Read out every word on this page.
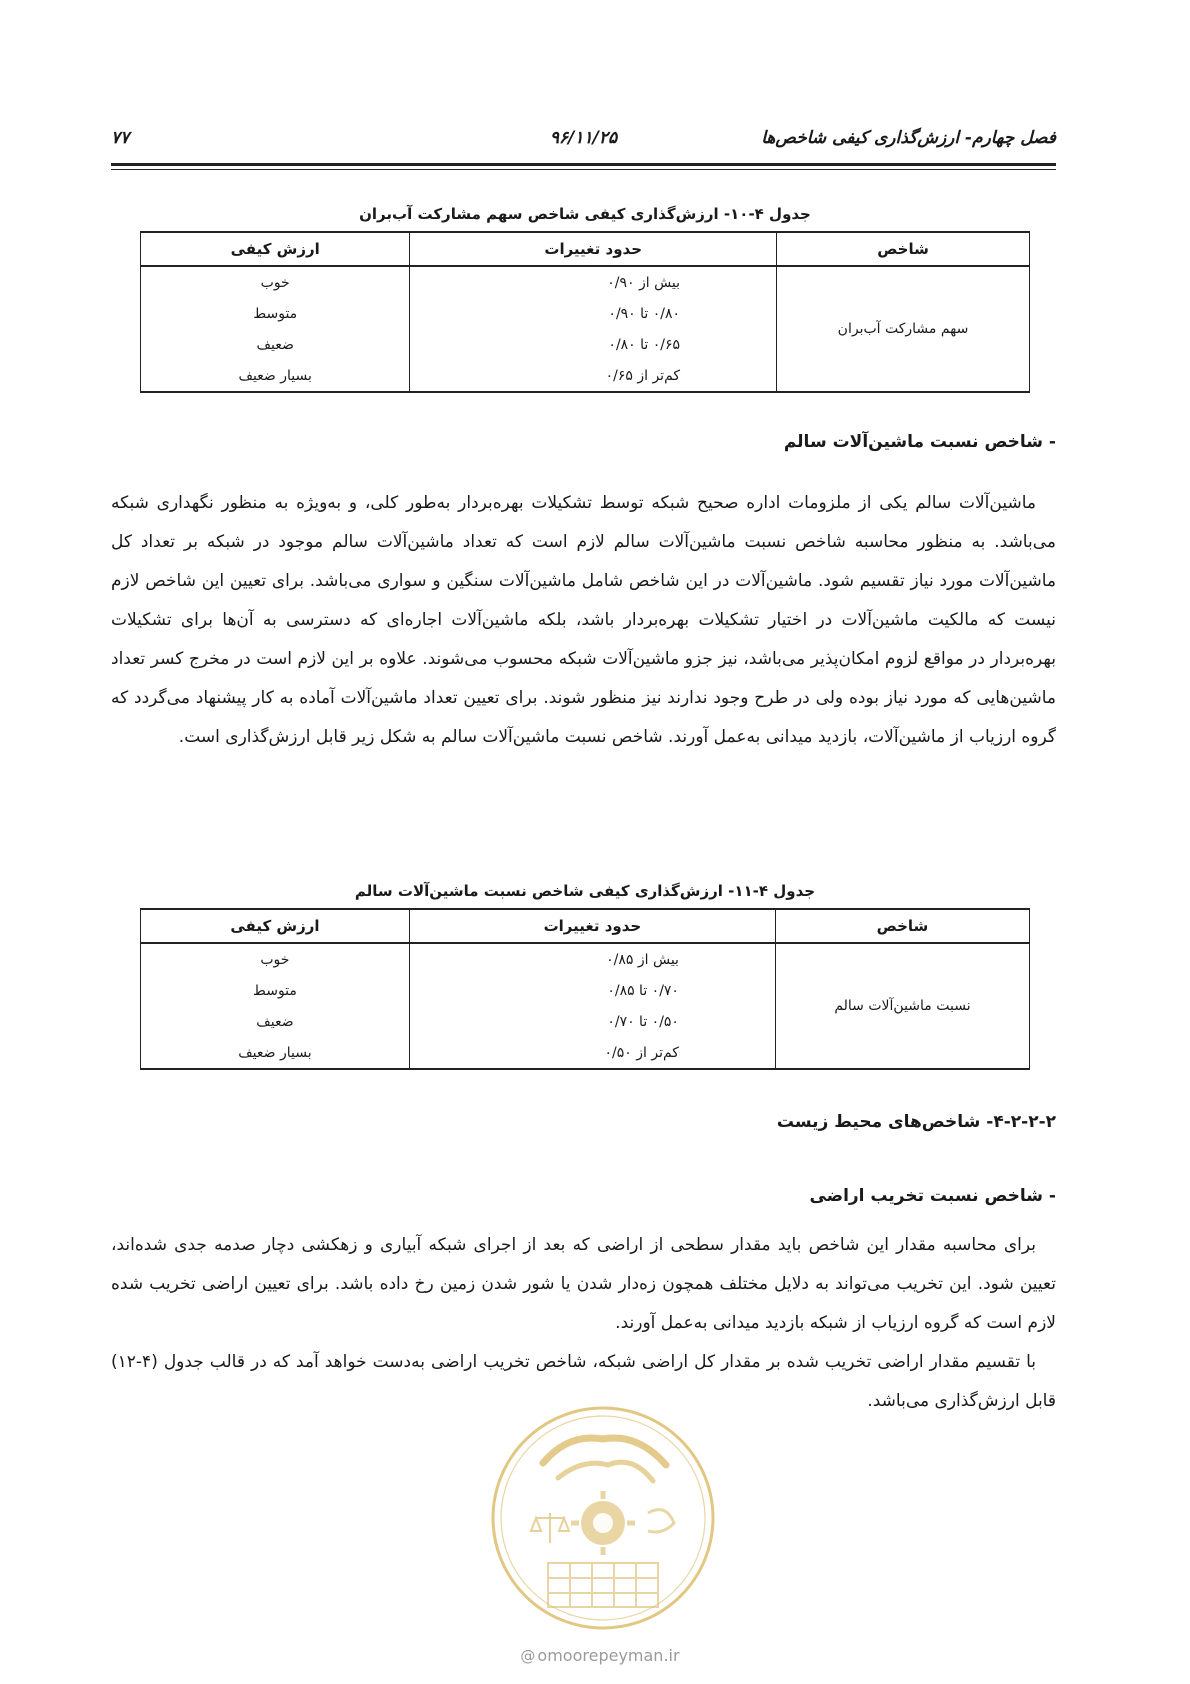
فصل چهارم- ارزش‌گذاری کیفی شاخص‌ها
۹۶/۱۱/۲۵
۷۷
جدول ۴-۱۰- ارزش‌گذاری کیفی شاخص سهم مشارکت آب‌بران
شاخص	حدود تغییرات	ارزش کیفی
سهم مشارکت آب‌بران	بیش از ۰/۹۰	خوب
	۰/۸۰ تا ۰/۹۰	متوسط
	۰/۶۵ تا ۰/۸۰	ضعیف
	کم‌تر از ۰/۶۵	بسیار ضعیف
- شاخص نسبت ماشین‌آلات سالم

ماشین‌آلات سالم یکی از ملزومات اداره صحیح شبکه توسط تشکیلات بهره‌بردار به‌طور کلی، و به‌ویژه به منظور نگهداری شبکه می‌باشد. به منظور محاسبه شاخص نسبت ماشین‌آلات سالم لازم است که تعداد ماشین‌آلات سالم موجود در شبکه بر تعداد کل ماشین‌آلات مورد نیاز تقسیم شود. ماشین‌آلات در این شاخص شامل ماشین‌آلات سنگین و سواری می‌باشد. برای تعیین این شاخص لازم نیست که مالکیت ماشین‌آلات در اختیار تشکیلات بهره‌بردار باشد، بلکه ماشین‌آلات اجاره‌ای که دسترسی به آن‌ها برای تشکیلات بهره‌بردار در مواقع لزوم امکان‌پذیر می‌باشد، نیز جزو ماشین‌آلات شبکه محسوب می‌شوند. علاوه بر این لازم است در مخرج کسر تعداد ماشین‌هایی که مورد نیاز بوده ولی در طرح وجود ندارند نیز منظور شوند. برای تعیین تعداد ماشین‌آلات آماده به کار پیشنهاد می‌گردد که گروه ارزیاب از ماشین‌آلات، بازدید میدانی به‌عمل آورند. شاخص نسبت ماشین‌آلات سالم به شکل زیر قابل ارزش‌گذاری است.

جدول ۴-۱۱- ارزش‌گذاری کیفی شاخص نسبت ماشین‌آلات سالم
شاخص	حدود تغییرات	ارزش کیفی
نسبت ماشین‌آلات سالم	بیش از ۰/۸۵	خوب
	۰/۷۰ تا ۰/۸۵	متوسط
	۰/۵۰ تا ۰/۷۰	ضعیف
	کم‌تر از ۰/۵۰	بسیار ضعیف
۴-۲-۲-۲- شاخص‌های محیط زیست
- شاخص نسبت تخریب اراضی

برای محاسبه مقدار این شاخص باید مقدار سطحی از اراضی که بعد از اجرای شبکه آبیاری و زهکشی دچار صدمه جدی شده‌اند، تعیین شود. این تخریب می‌تواند به دلایل مختلف همچون زه‌دار شدن یا شور شدن زمین رخ داده باشد. برای تعیین اراضی تخریب شده لازم است که گروه ارزیاب از شبکه بازدید میدانی به‌عمل آورند.

با تقسیم مقدار اراضی تخریب شده بر مقدار کل اراضی شبکه، شاخص تخریب اراضی به‌دست خواهد آمد که در قالب جدول (۴-۱۲) قابل ارزش‌گذاری می‌باشد.

@ omoorepeyman.ir
